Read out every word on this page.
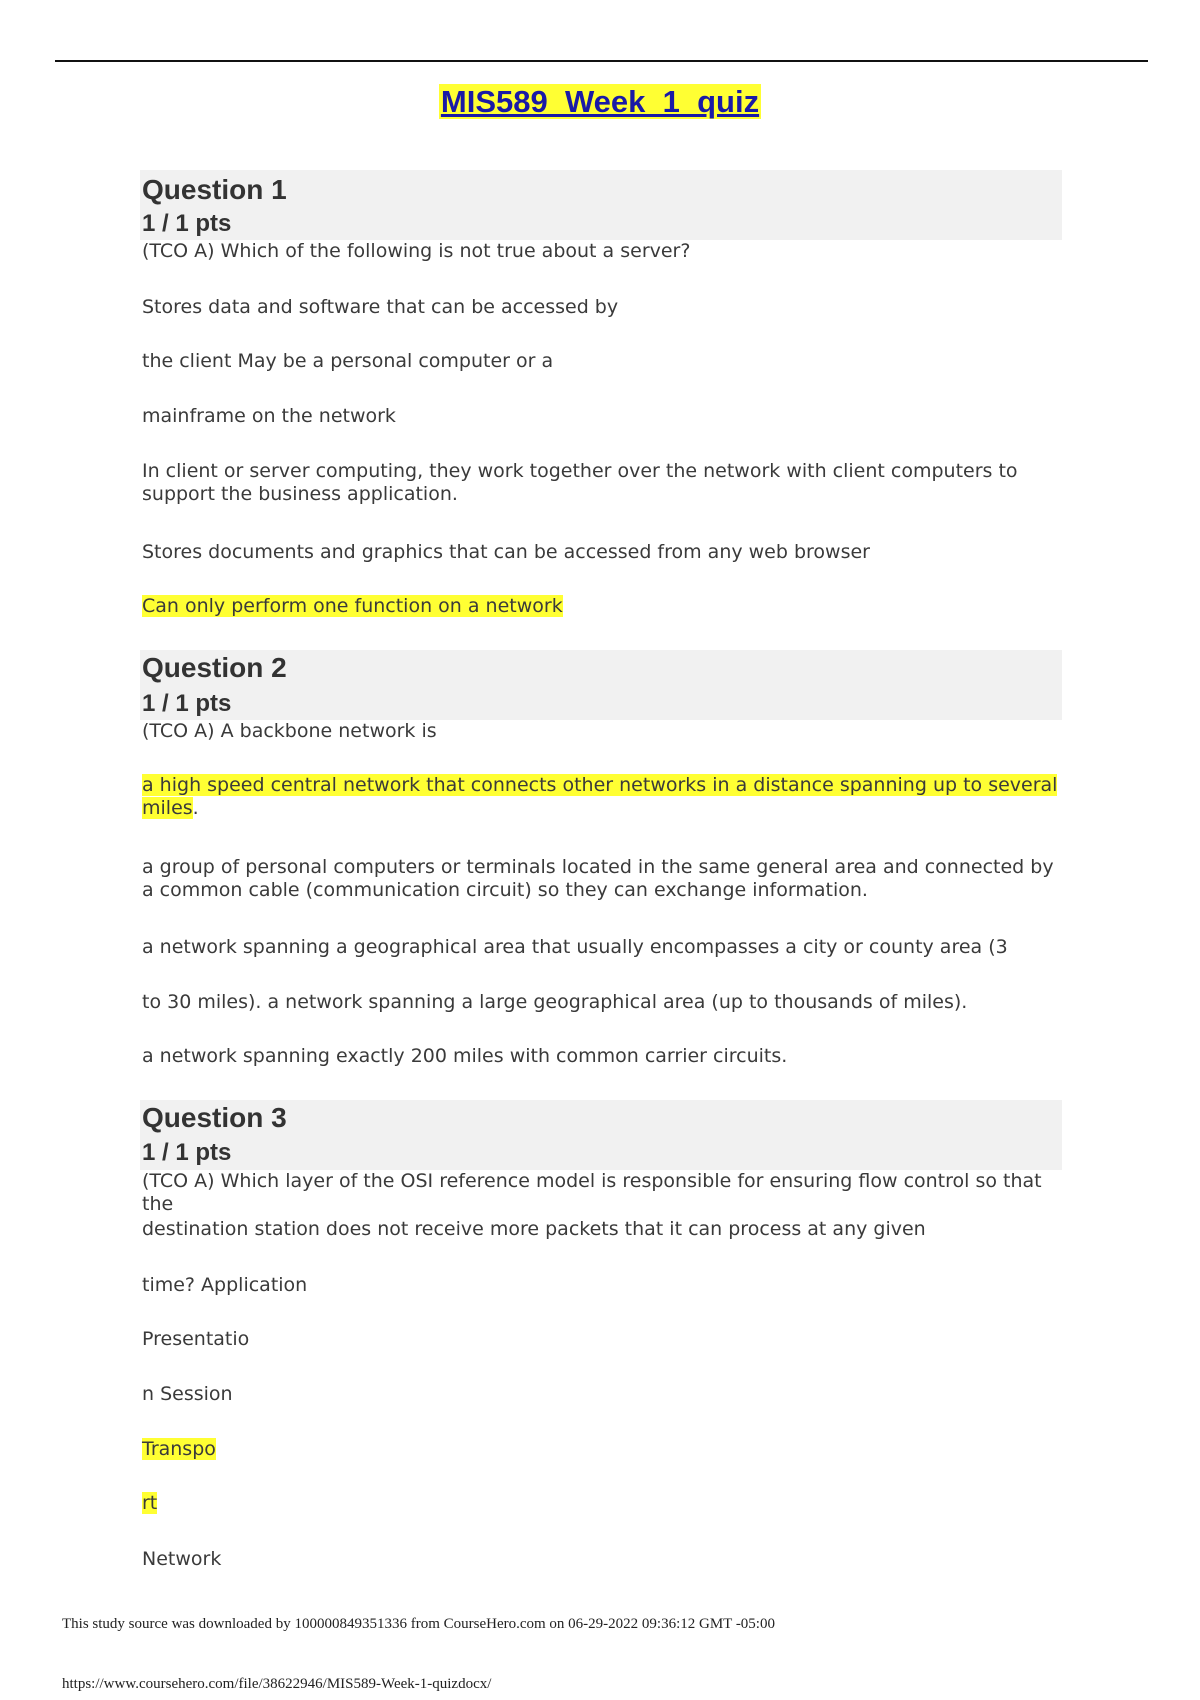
MIS589_Week_1_quiz
Question 1
1 / 1 pts
(TCO A) Which of the following is not true about a server?
Stores data and software that can be accessed by
the client May be a personal computer or a
mainframe on the network
In client or server computing, they work together over the network with client computers to support the business application.
Stores documents and graphics that can be accessed from any web browser
Can only perform one function on a network
Question 2
1 / 1 pts
(TCO A) A backbone network is
a high speed central network that connects other networks in a distance spanning up to several miles.
a group of personal computers or terminals located in the same general area and connected by a common cable (communication circuit) so they can exchange information.
a network spanning a geographical area that usually encompasses a city or county area (3
to 30 miles). a network spanning a large geographical area (up to thousands of miles).
a network spanning exactly 200 miles with common carrier circuits.
Question 3
1 / 1 pts
(TCO A) Which layer of the OSI reference model is responsible for ensuring flow control so that the
destination station does not receive more packets that it can process at any given
time? Application
Presentatio
n Session
Transpo
rt
Network
This study source was downloaded by 100000849351336 from CourseHero.com on 06-29-2022 09:36:12 GMT -05:00
https://www.coursehero.com/file/38622946/MIS589-Week-1-quizdocx/
